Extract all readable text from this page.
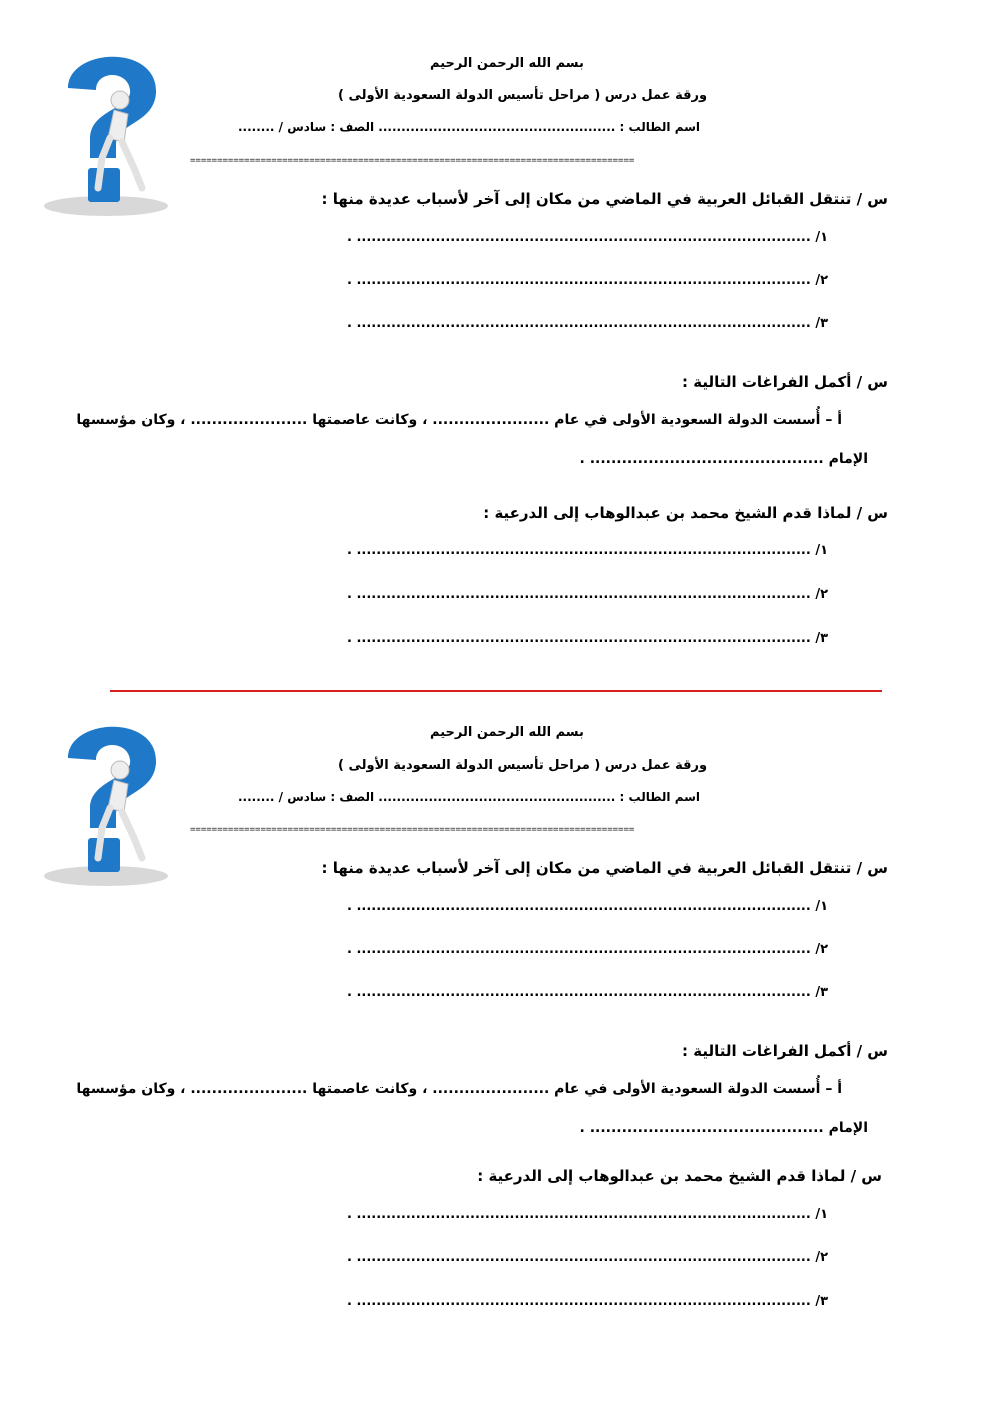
بسم الله الرحمن الرحيم
ورقة عمل درس ( مراحل تأسيس الدولة السعودية الأولى )
اسم الطالب : .................................................... الصف : سادس / ........
==================================================================================
س / تنتقل القبائل العربية في الماضي من مكان إلى آخر لأسباب عديدة منها :
١/ ............................................................................................ .
٢/ ............................................................................................ .
٣/ ............................................................................................ .
س / أكمل الفراغات التالية :
أ – أُسست الدولة السعودية الأولى في عام ...................... ، وكانت عاصمتها ...................... ، وكان مؤسسها
الإمام ............................................ .
س / لماذا قدم الشيخ محمد بن عبدالوهاب إلى الدرعية :
١/ ............................................................................................ .
٢/ ............................................................................................ .
٣/ ............................................................................................ .
بسم الله الرحمن الرحيم
ورقة عمل درس ( مراحل تأسيس الدولة السعودية الأولى )
اسم الطالب : .................................................... الصف : سادس / ........
==================================================================================
س / تنتقل القبائل العربية في الماضي من مكان إلى آخر لأسباب عديدة منها :
١/ ............................................................................................ .
٢/ ............................................................................................ .
٣/ ............................................................................................ .
س / أكمل الفراغات التالية :
أ – أُسست الدولة السعودية الأولى في عام ...................... ، وكانت عاصمتها ...................... ، وكان مؤسسها
الإمام ............................................ .
س / لماذا قدم الشيخ محمد بن عبدالوهاب إلى الدرعية :
١/ ............................................................................................ .
٢/ ............................................................................................ .
٣/ ............................................................................................ .
